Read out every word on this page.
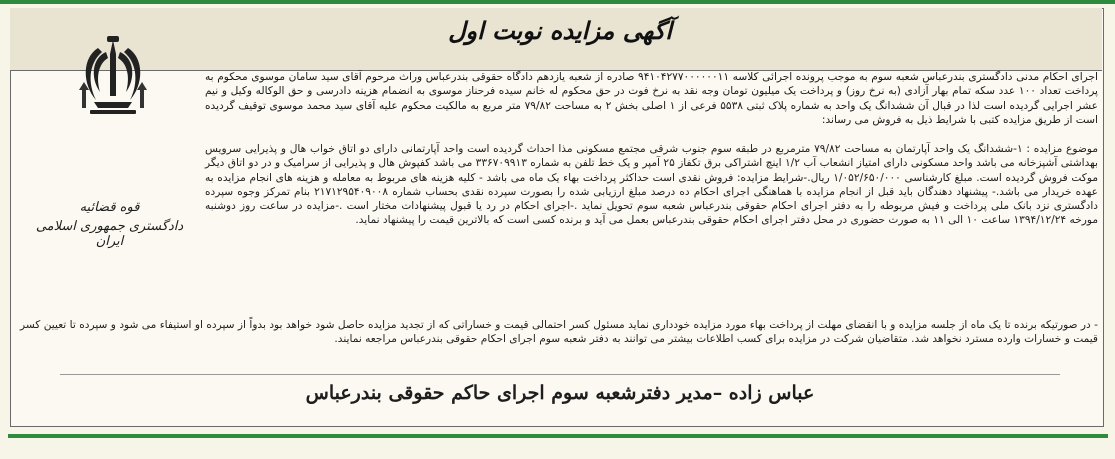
آگهی مزایده نوبت اول
قوه قضائیه
دادگستری جمهوری اسلامی ایران

اجرای احکام مدنی دادگستری بندرعباس شعبه سوم به موجب پرونده اجرائی کلاسه ۹۴۱۰۴۲۷۷۰۰۰۰۰۰۱۱ صادره از شعبه یازدهم دادگاه حقوقی بندرعباس وراث مرحوم آقای سید سامان موسوی محکوم به پرداخت تعداد ۱۰۰ عدد سکه تمام بهار آزادی (به نرخ روز) و پرداخت یک میلیون تومان وجه نقد به نرخ فوت در حق محکوم له خانم سیده فرحناز موسوی به انضمام هزینه دادرسی و حق الوکاله وکیل و نیم عشر اجرایی گردیده است لذا در قبال آن ششدانگ یک واحد به شماره پلاک ثبتی ۵۵۳۸ فرعی از ۱ اصلی بخش ۲ به مساحت ۷۹/۸۲ متر مربع به مالکیت محکوم علیه آقای سید محمد موسوی توقیف گردیده است از طریق مزایده کتبی با شرایط ذیل به فروش می رساند:

موضوع مزایده : ۱-ششدانگ یک واحد آپارتمان به مساحت ۷۹/۸۲ مترمربع در طبقه سوم جنوب شرقی مجتمع مسکونی مذا احداث گردیده است واحد آپارتمانی دارای دو اتاق خواب هال و پذیرایی سرویس بهداشتی آشپزخانه می باشد واحد مسکونی دارای امتیاز انشعاب آب ۱/۲ اینچ اشتراکی برق تکفاز ۲۵ آمپر و یک خط تلفن به شماره ۳۳۶۷۰۹۹۱۳ می باشد کفپوش هال و پذیرایی از سرامیک و در دو اتاق دیگر موکت فروش گردیده است. مبلغ کارشناسی ۱/۰۵۲/۶۵۰/۰۰۰ ریال.-شرایط مزایده: فروش نقدی است حداکثر پرداخت بهاء یک ماه می باشد - کلیه هزینه های مربوط به معامله و هزینه های انجام مزایده به عهده خریدار می باشد.- پیشنهاد دهندگان باید قبل از انجام مزایده با هماهنگی اجرای احکام ده درصد مبلغ ارزیابی شده را بصورت سپرده نقدی بحساب شماره ۲۱۷۱۲۹۵۴۰۹۰۰۸ بنام تمرکز وجوه سپرده دادگستری نزد بانک ملی پرداخت و فیش مربوطه را به دفتر اجرای احکام حقوقی بندرعباس شعبه سوم تحویل نماید .-اجرای احکام در رد یا قبول پیشنهادات مختار است .-مزایده در ساعت روز دوشنبه مورخه ۱۳۹۴/۱۲/۲۴ ساعت ۱۰ الی ۱۱ به صورت حضوری در محل دفتر اجرای احکام حقوقی بندرعباس بعمل می آید و برنده کسی است که بالاترین قیمت را پیشنهاد نماید.

- در صورتیکه برنده تا یک ماه از جلسه مزایده و با انقضای مهلت از پرداخت بهاء مورد مزایده خودداری نماید مسئول کسر احتمالی قیمت و خساراتی که از تجدید مزایده حاصل شود خواهد بود بدواً از سپرده او استیفاء می شود و سپرده تا تعیین کسر قیمت و خسارات وارده مسترد نخواهد شد. متقاضیان شرکت در مزایده برای کسب اطلاعات بیشتر می توانند به دفتر شعبه سوم اجرای احکام حقوقی بندرعباس مراجعه نمایند.

عباس زاده –مدیر دفترشعبه سوم اجرای حاکم حقوقی بندرعباس
